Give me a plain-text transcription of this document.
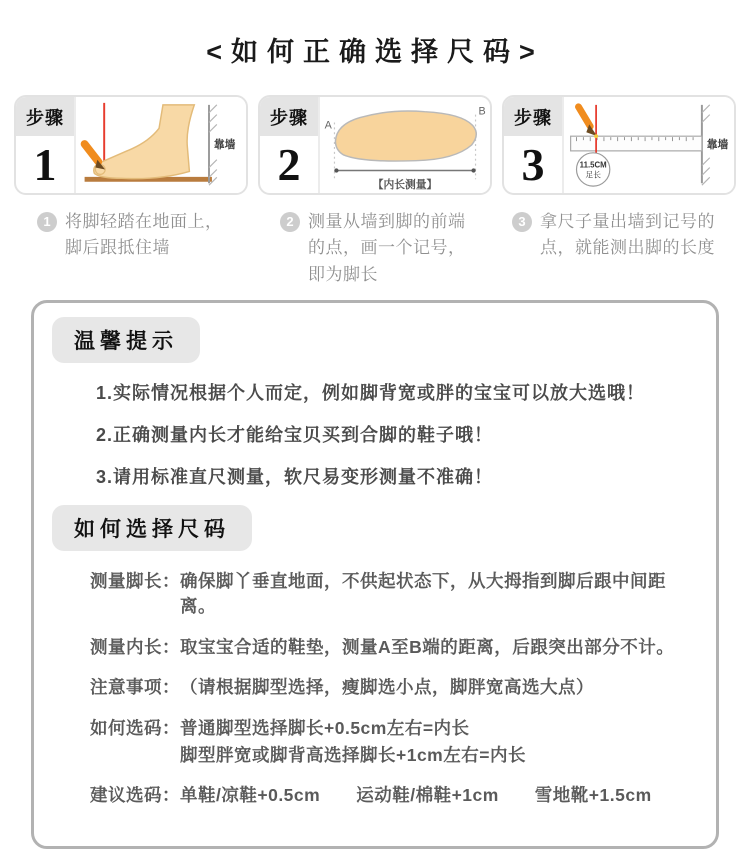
<如何正确选择尺码>
步骤
1	靠墙
步骤
2
A
B
【内长测量】
步骤
3	11.5CM
足长
靠墙
1 将脚轻踏在地面上，脚后跟抵住墙
2 测量从墙到脚的前端的点，画一个记号，即为脚长
3 拿尺子量出墙到记号的点，就能测出脚的长度
温馨提示
1.实际情况根据个人而定，例如脚背宽或胖的宝宝可以放大选哦！
2.正确测量内长才能给宝贝买到合脚的鞋子哦！
3.请用标准直尺测量，软尺易变形测量不准确！
如何选择尺码
测量脚长： 确保脚丫垂直地面，不供起状态下，从大拇指到脚后跟中间距离。
测量内长： 取宝宝合适的鞋垫，测量A至B端的距离，后跟突出部分不计。
注意事项： （请根据脚型选择，瘦脚选小点，脚胖宽高选大点）
如何选码： 普通脚型选择脚长+0.5cm左右=内长
脚型胖宽或脚背高选择脚长+1cm左右=内长
建议选码： 单鞋/凉鞋+0.5cm　　运动鞋/棉鞋+1cm　　雪地靴+1.5cm
